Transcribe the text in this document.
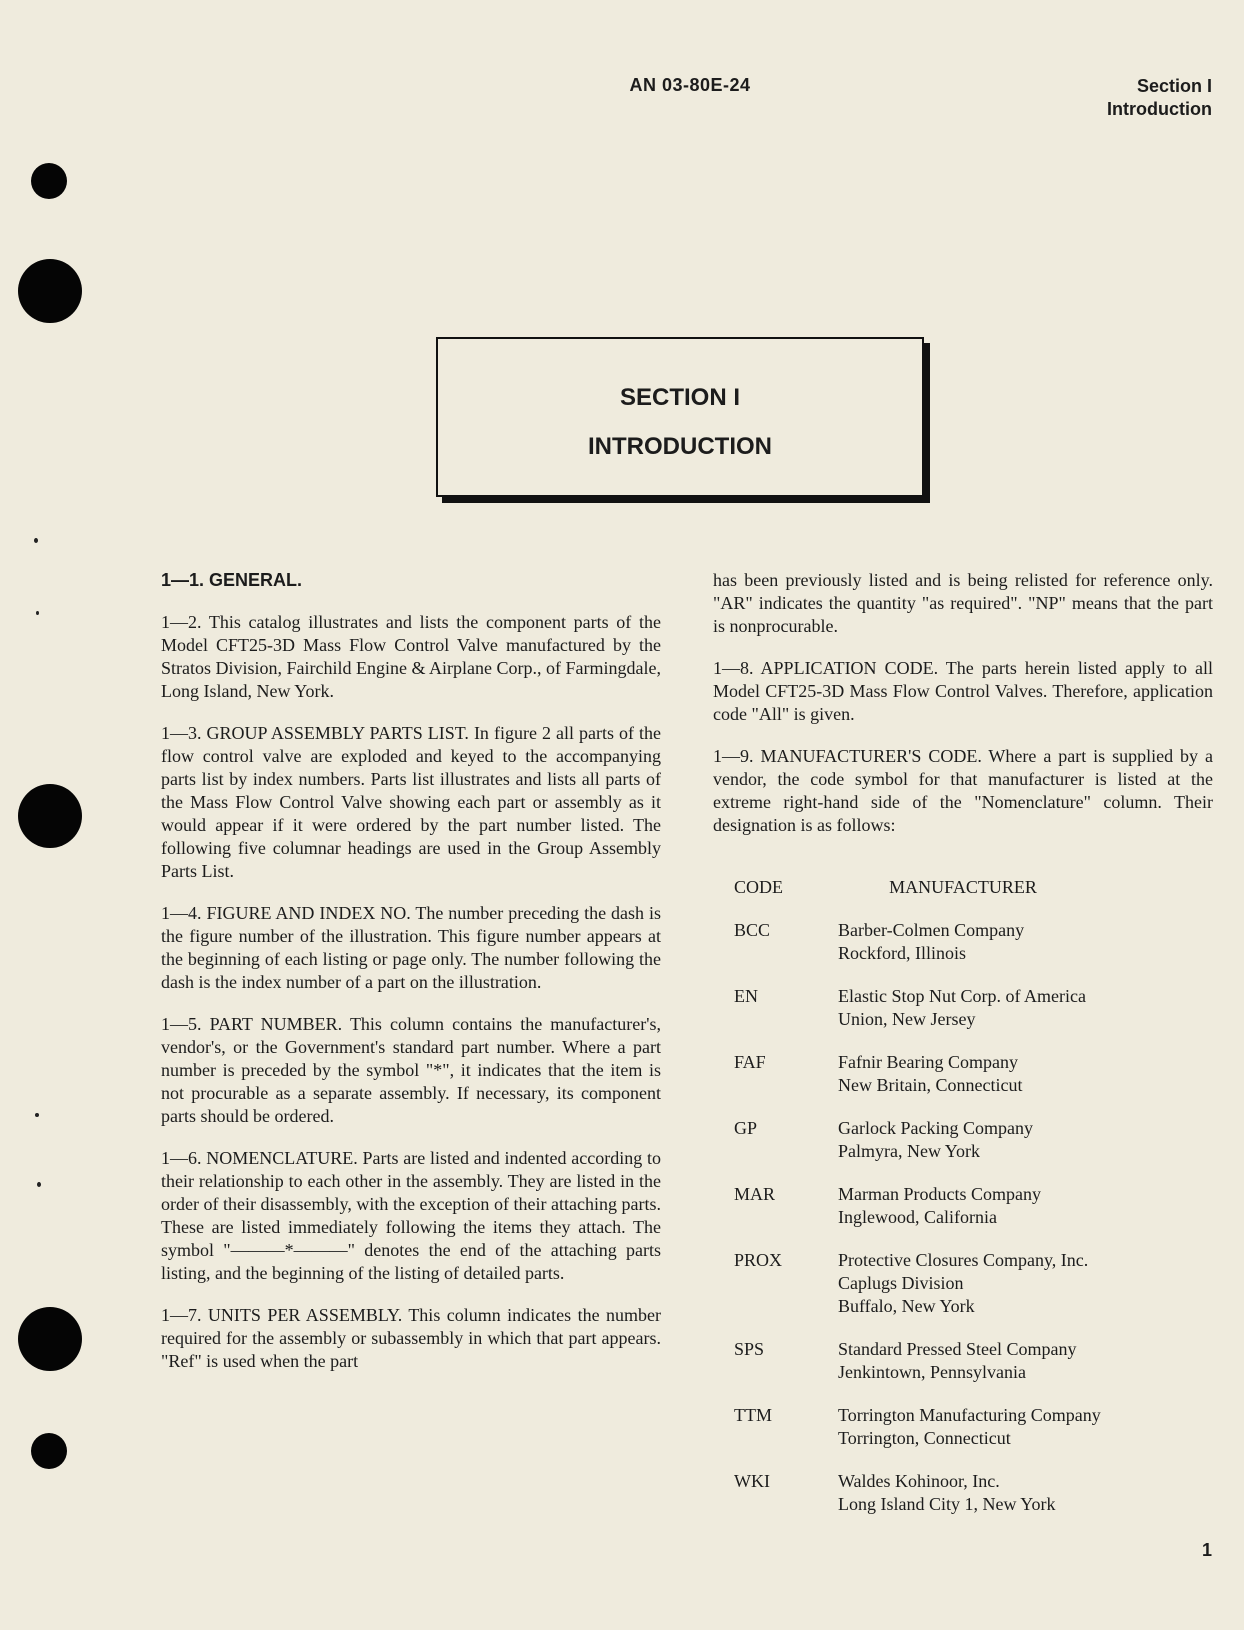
AN 03-80E-24	Section I
Introduction
SECTION I
INTRODUCTION
1—1. GENERAL.

1—2. This catalog illustrates and lists the component parts of the Model CFT25-3D Mass Flow Control Valve manufactured by the Stratos Division, Fairchild Engine & Airplane Corp., of Farmingdale, Long Island, New York.

1—3. GROUP ASSEMBLY PARTS LIST. In figure 2 all parts of the flow control valve are exploded and keyed to the accompanying parts list by index numbers. Parts list illustrates and lists all parts of the Mass Flow Control Valve showing each part or assembly as it would appear if it were ordered by the part number listed. The following five columnar headings are used in the Group Assembly Parts List.

1—4. FIGURE AND INDEX NO. The number preceding the dash is the figure number of the illustration. This figure number appears at the beginning of each listing or page only. The number following the dash is the index number of a part on the illustration.

1—5. PART NUMBER. This column contains the manufacturer's, vendor's, or the Government's standard part number. Where a part number is preceded by the symbol "*", it indicates that the item is not procurable as a separate assembly. If necessary, its component parts should be ordered.

1—6. NOMENCLATURE. Parts are listed and indented according to their relationship to each other in the assembly. They are listed in the order of their disassembly, with the exception of their attaching parts. These are listed immediately following the items they attach. The symbol "———*———" denotes the end of the attaching parts listing, and the beginning of the listing of detailed parts.

1—7. UNITS PER ASSEMBLY. This column indicates the number required for the assembly or subassembly in which that part appears. "Ref" is used when the part

has been previously listed and is being relisted for reference only. "AR" indicates the quantity "as required". "NP" means that the part is nonprocurable.

1—8. APPLICATION CODE. The parts herein listed apply to all Model CFT25-3D Mass Flow Control Valves. Therefore, application code "All" is given.

1—9. MANUFACTURER'S CODE. Where a part is supplied by a vendor, the code symbol for that manufacturer is listed at the extreme right-hand side of the "Nomenclature" column. Their designation is as follows:

CODE	MANUFACTURER
BCC	Barber-Colmen Company
Rockford, Illinois
EN	Elastic Stop Nut Corp. of America
Union, New Jersey
FAF	Fafnir Bearing Company
New Britain, Connecticut
GP	Garlock Packing Company
Palmyra, New York
MAR	Marman Products Company
Inglewood, California
PROX	Protective Closures Company, Inc.
Caplugs Division
Buffalo, New York
SPS	Standard Pressed Steel Company
Jenkintown, Pennsylvania
TTM	Torrington Manufacturing Company
Torrington, Connecticut
WKI	Waldes Kohinoor, Inc.
Long Island City 1, New York
1
